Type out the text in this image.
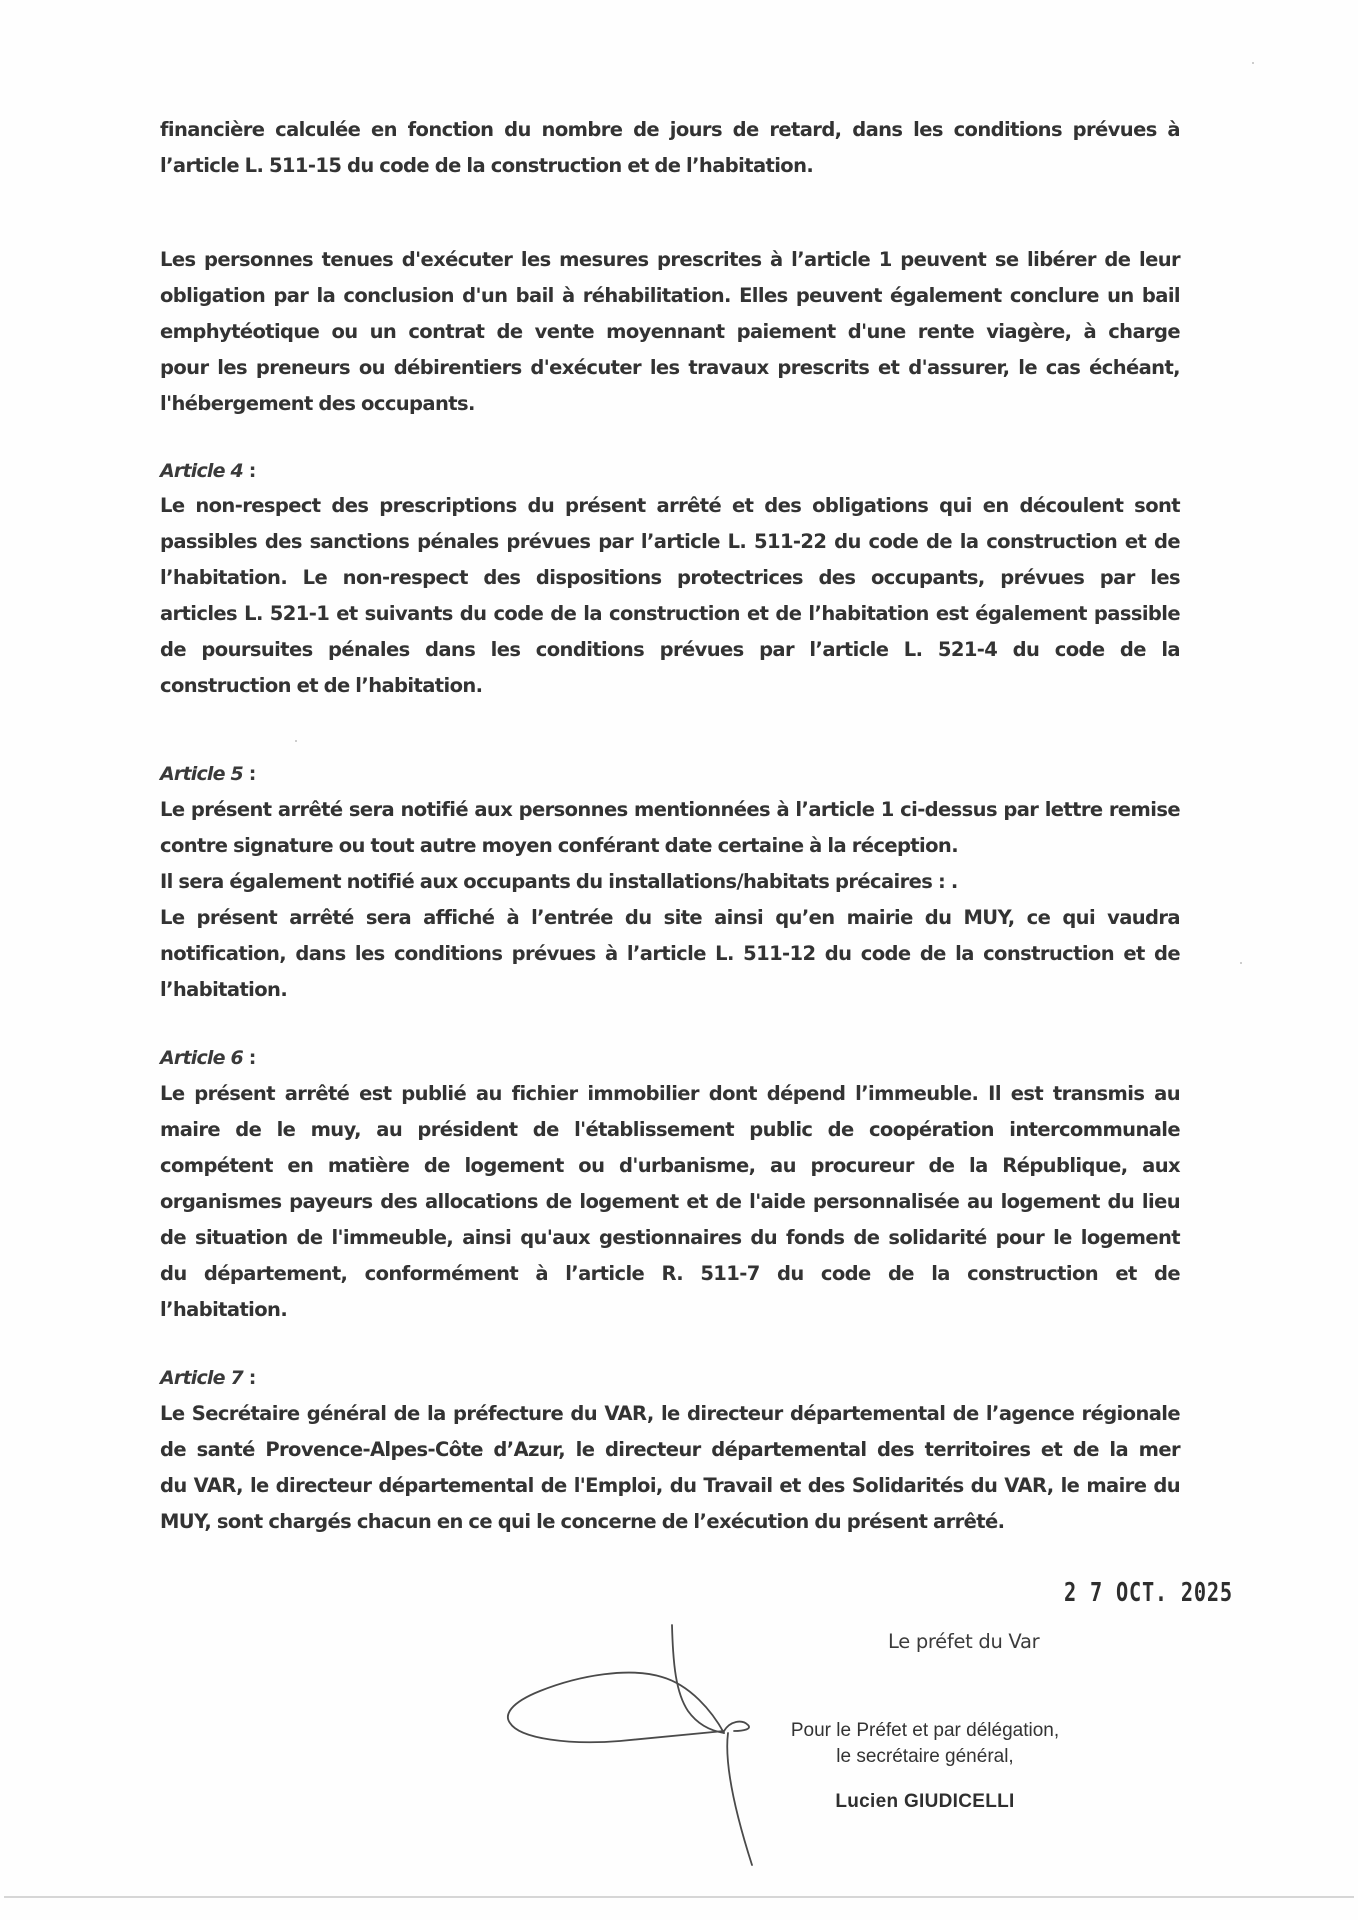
financière calculée en fonction du nombre de jours de retard, dans les conditions prévues à
l’article L. 511-15 du code de la construction et de l’habitation.
Les personnes tenues d'exécuter les mesures prescrites à l’article 1 peuvent se libérer de leur
obligation par la conclusion d'un bail à réhabilitation. Elles peuvent également conclure un bail
emphytéotique ou un contrat de vente moyennant paiement d'une rente viagère, à charge
pour les preneurs ou débirentiers d'exécuter les travaux prescrits et d'assurer, le cas échéant,
l'hébergement des occupants.
Article 4 :
Le non-respect des prescriptions du présent arrêté et des obligations qui en découlent sont
passibles des sanctions pénales prévues par l’article L. 511-22 du code de la construction et de
l’habitation. Le non-respect des dispositions protectrices des occupants, prévues par les
articles L. 521-1 et suivants du code de la construction et de l’habitation est également passible
de poursuites pénales dans les conditions prévues par l’article L. 521-4 du code de la
construction et de l’habitation.
Article 5 :
Le présent arrêté sera notifié aux personnes mentionnées à l’article 1 ci-dessus par lettre remise
contre signature ou tout autre moyen conférant date certaine à la réception.
Il sera également notifié aux occupants du installations/habitats précaires : .
Le présent arrêté sera affiché à l’entrée du site ainsi qu’en mairie du MUY, ce qui vaudra
notification, dans les conditions prévues à l’article L. 511-12 du code de la construction et de
l’habitation.
Article 6 :
Le présent arrêté est publié au fichier immobilier dont dépend l’immeuble. Il est transmis au
maire de le muy, au président de l'établissement public de coopération intercommunale
compétent en matière de logement ou d'urbanisme, au procureur de la République, aux
organismes payeurs des allocations de logement et de l'aide personnalisée au logement du lieu
de situation de l'immeuble, ainsi qu'aux gestionnaires du fonds de solidarité pour le logement
du département, conformément à l’article R. 511-7 du code de la construction et de
l’habitation.
Article 7 :
Le Secrétaire général de la préfecture du VAR, le directeur départemental de l’agence régionale
de santé Provence-Alpes-Côte d’Azur, le directeur départemental des territoires et de la mer
du VAR, le directeur départemental de l'Emploi, du Travail et des Solidarités du VAR, le maire du
MUY, sont chargés chacun en ce qui le concerne de l’exécution du présent arrêté.
2 7 OCT. 2025
Le préfet du Var
Pour le Préfet et par délégation,
le secrétaire général,
Lucien GIUDICELLI
